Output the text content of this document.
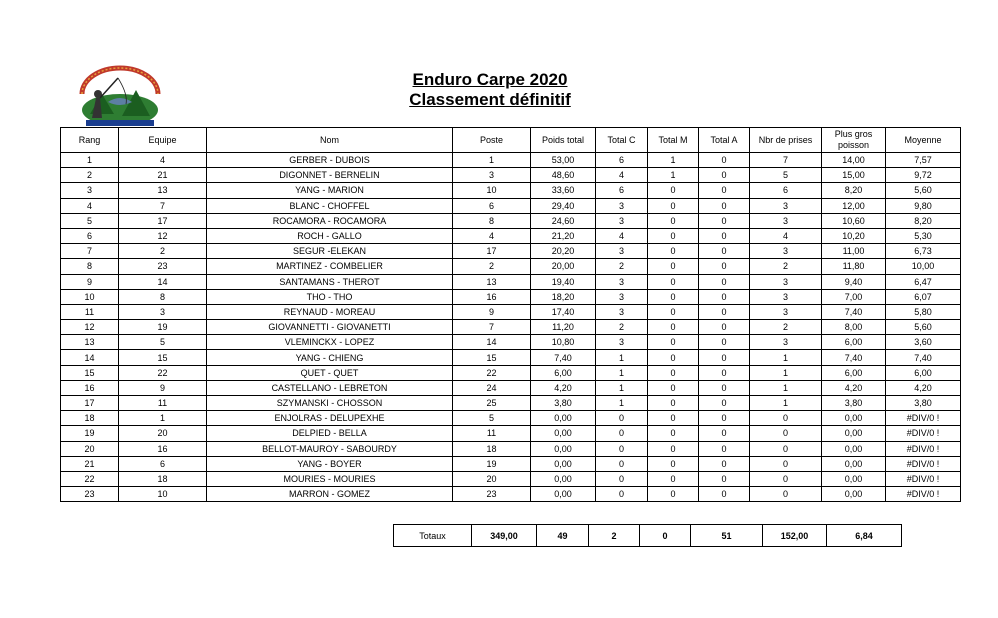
Enduro Carpe 2020
Classement définitif
Rang	Equipe	Nom	Poste	Poids total	Total C	Total M	Total A	Nbr de prises	Plus gros poisson	Moyenne
1	4	GERBER - DUBOIS	1	53,00	6	1	0	7	14,00	7,57
2	21	DIGONNET - BERNELIN	3	48,60	4	1	0	5	15,00	9,72
3	13	YANG - MARION	10	33,60	6	0	0	6	8,20	5,60
4	7	BLANC - CHOFFEL	6	29,40	3	0	0	3	12,00	9,80
5	17	ROCAMORA - ROCAMORA	8	24,60	3	0	0	3	10,60	8,20
6	12	ROCH - GALLO	4	21,20	4	0	0	4	10,20	5,30
7	2	SEGUR -ELEKAN	17	20,20	3	0	0	3	11,00	6,73
8	23	MARTINEZ - COMBELIER	2	20,00	2	0	0	2	11,80	10,00
9	14	SANTAMANS - THEROT	13	19,40	3	0	0	3	9,40	6,47
10	8	THO - THO	16	18,20	3	0	0	3	7,00	6,07
11	3	REYNAUD - MOREAU	9	17,40	3	0	0	3	7,40	5,80
12	19	GIOVANNETTI - GIOVANETTI	7	11,20	2	0	0	2	8,00	5,60
13	5	VLEMINCKX - LOPEZ	14	10,80	3	0	0	3	6,00	3,60
14	15	YANG - CHIENG	15	7,40	1	0	0	1	7,40	7,40
15	22	QUET - QUET	22	6,00	1	0	0	1	6,00	6,00
16	9	CASTELLANO - LEBRETON	24	4,20	1	0	0	1	4,20	4,20
17	11	SZYMANSKI - CHOSSON	25	3,80	1	0	0	1	3,80	3,80
18	1	ENJOLRAS - DELUPEXHE	5	0,00	0	0	0	0	0,00	#DIV/0 !
19	20	DELPIED - BELLA	11	0,00	0	0	0	0	0,00	#DIV/0 !
20	16	BELLOT-MAUROY - SABOURDY	18	0,00	0	0	0	0	0,00	#DIV/0 !
21	6	YANG - BOYER	19	0,00	0	0	0	0	0,00	#DIV/0 !
22	18	MOURIES - MOURIES	20	0,00	0	0	0	0	0,00	#DIV/0 !
23	10	MARRON - GOMEZ	23	0,00	0	0	0	0	0,00	#DIV/0 !
Totaux	349,00	49	2	0	51	152,00	6,84
